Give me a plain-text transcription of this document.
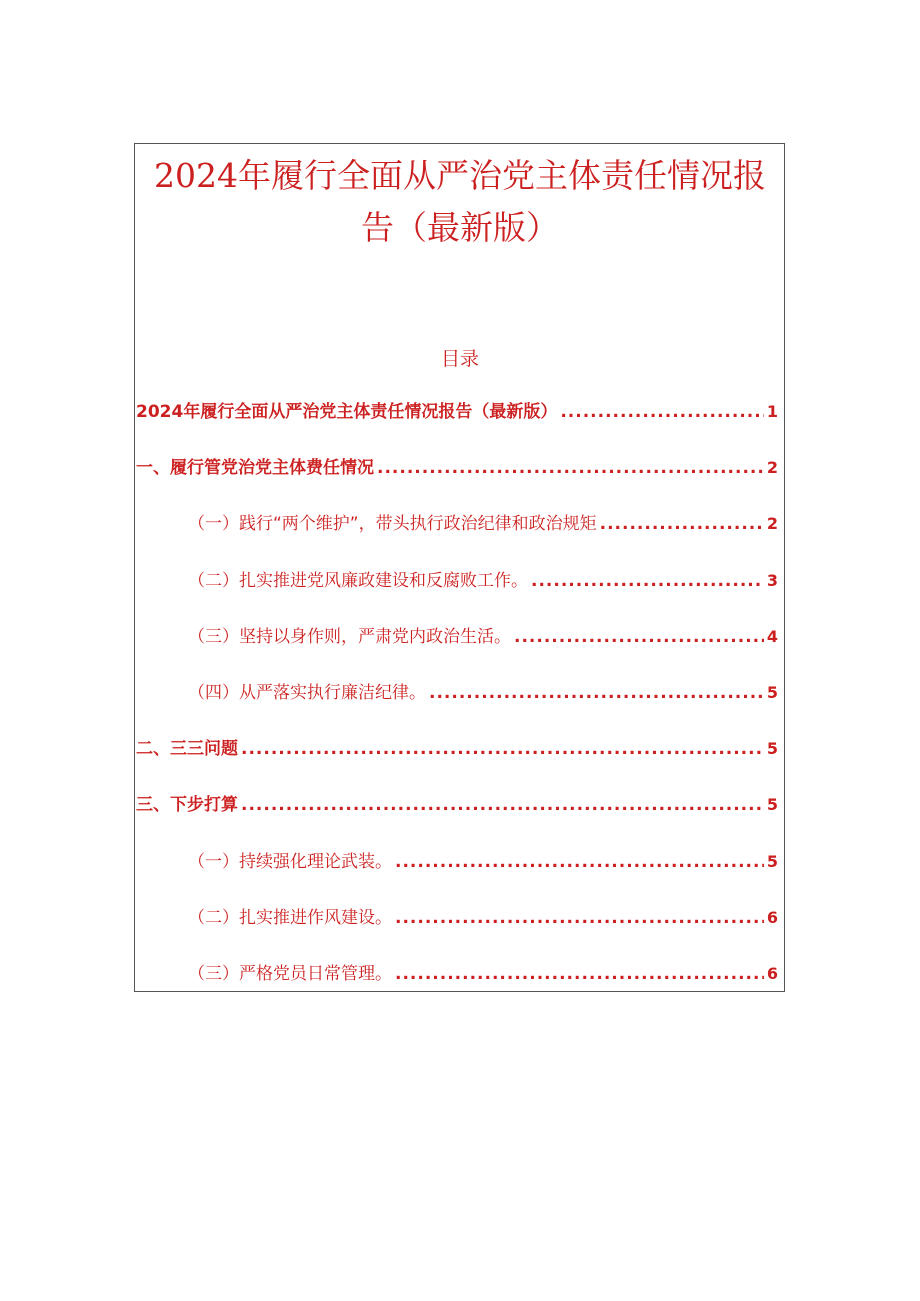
2024年履行全面从严治党主体责任情况报
告（最新版）
目录
2024年履行全面从严治党主体责任情况报告（最新版） .....	1
一、履行管党治党主体费任情况 .....	2
（一）践行“两个维护”，带头执行政治纪律和政治规矩 .....	2
（二）扎实推进党风廉政建设和反腐败工作。 .....	3
（三）坚持以身作则，严肃党内政治生活。 .....	4
（四）从严落实执行廉洁纪律。 .....	5
二、三三问题 .....	5
三、下步打算 .....	5
（一）持续强化理论武装。 .....	5
（二）扎实推进作风建设。 .....	6
（三）严格党员日常管理。 .....	6
